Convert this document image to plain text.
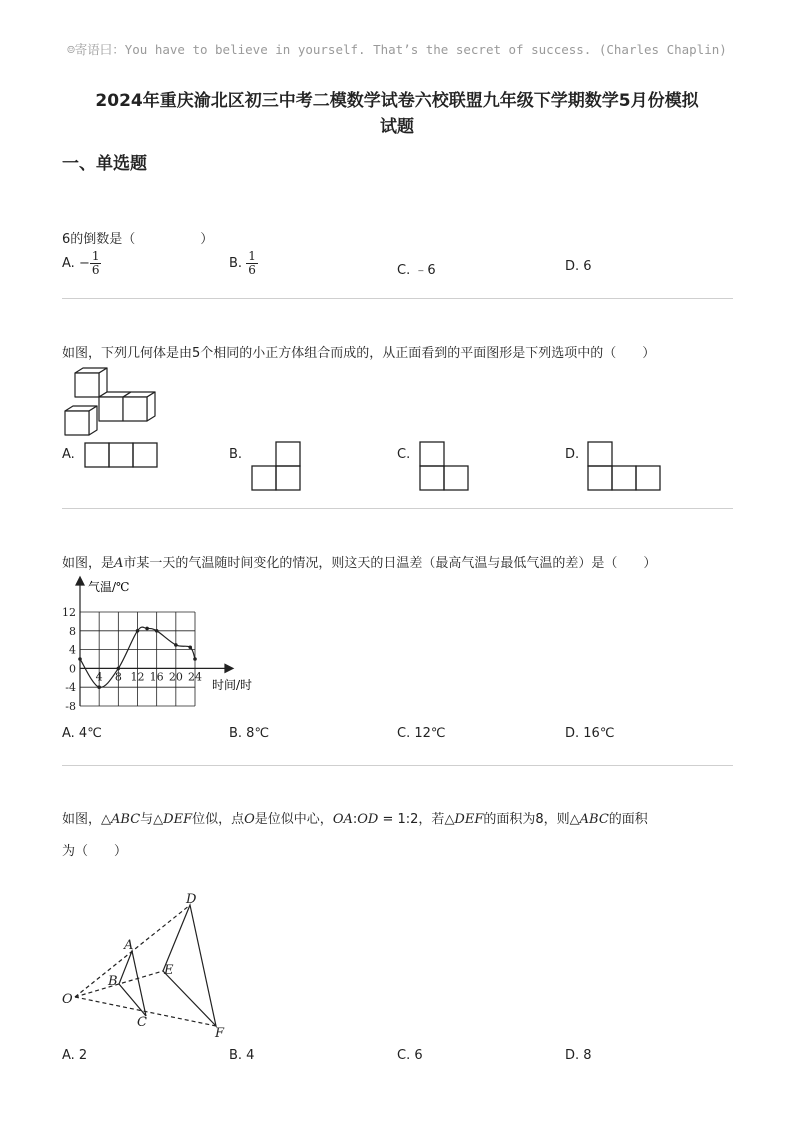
☺寄语曰：You have to believe in yourself. That’s the secret of success. (Charles Chaplin)
2024年重庆渝北区初三中考二模数学试卷六校联盟九年级下学期数学5月份模拟
试题
一、单选题
6的倒数是（　　　　　）
A. − $\frac{1}{6}$	B. $\frac{1}{6}$	C. ﹣6	D. 6
如图，下列几何体是由5个相同的小正方体组合而成的，从正面看到的平面图形是下列选项中的（　　）
A.	B.	C.	D.
如图，是A市某一天的气温随时间变化的情况，则这天的日温差（最高气温与最低气温的差）是（　　）
4 8 12 16 20 24
12
8
4
0
-4
-8
气温/℃
时间/时
A. 4℃	B. 8℃	C. 12℃	D. 16℃
如图，△ABC与△DEF位似，点O是位似中心，OA:OD = 1:2，若△DEF的面积为8，则△ABC的面积
为（　　）
D
A
E
B
O
C
F
A. 2	B. 4	C. 6	D. 8
